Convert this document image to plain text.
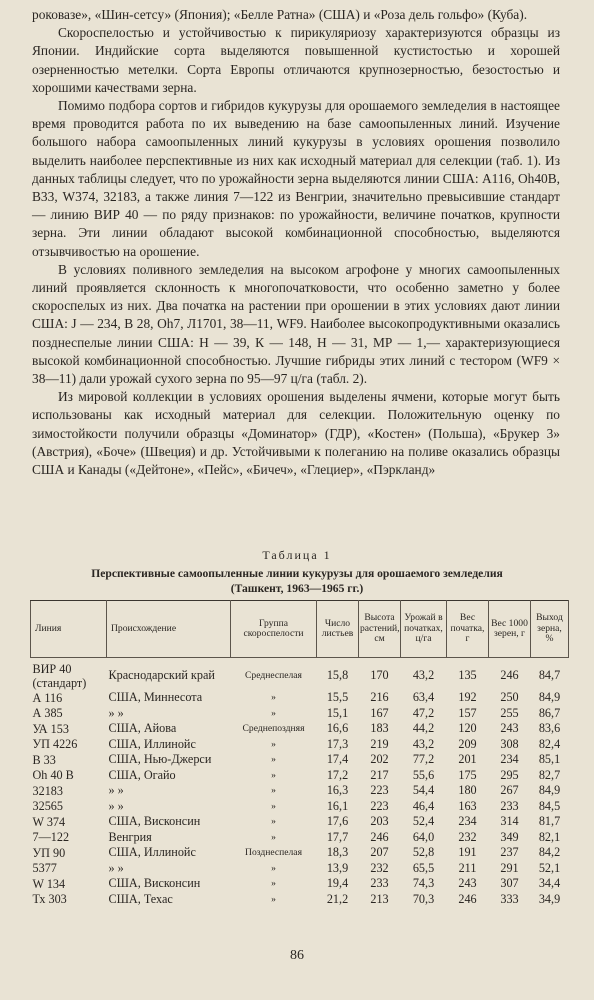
роковазе», «Шин-сетсу» (Япония); «Белле Ратна» (США) и «Роза дель гольфо» (Куба).

Скороспелостью и устойчивостью к пирикуляриозу характеризуются образцы из Японии. Индийские сорта выделяются повышенной кустистостью и хорошей озерненностью метелки. Сорта Европы отличаются крупнозерностью, безостостью и хорошими качествами зерна.

Помимо подбора сортов и гибридов кукурузы для орошаемого земледелия в настоящее время проводится работа по их выведению на базе самоопыленных линий. Изучение большого набора самоопыленных линий кукурузы в условиях орошения позволило выделить наиболее перспективные из них как исходный материал для селекции (таб. 1). Из данных таблицы следует, что по урожайности зерна выделяются линии США: А116, Oh40B, В33, W374, 32183, а также линия 7—122 из Венгрии, значительно превысившие стандарт — линию ВИР 40 — по ряду признаков: по урожайности, величине початков, крупности зерна. Эти линии обладают высокой комбинационной способностью, выделяются отзывчивостью на орошение.

В условиях поливного земледелия на высоком агрофоне у многих самоопыленных линий проявляется склонность к многопочатковости, что особенно заметно у более скороспелых из них. Два початка на растении при орошении в этих условиях дают линии США: J — 234, В 28, Oh7, Л1701, 38—11, WF9. Наиболее высокопродуктивными оказались позднеспелые линии США: Н — 39, К — 148, Н — 31, МР — 1,— характеризующиеся высокой комбинационной способностью. Лучшие гибриды этих линий с тестором (WF9 × 38—11) дали урожай сухого зерна по 95—97 ц/га (табл. 2).

Из мировой коллекции в условиях орошения выделены ячмени, которые могут быть использованы как исходный материал для селекции. Положительную оценку по зимостойкости получили образцы «Доминатор» (ГДР), «Костен» (Польша), «Брукер 3» (Австрия), «Боче» (Швеция) и др. Устойчивыми к полеганию на поливе оказались образцы США и Канады («Дейтоне», «Пейс», «Бичеч», «Глециер», «Пэркланд»

Таблица 1
Перспективные самоопыленные линии кукурузы для орошаемого земледелия
(Ташкент, 1963—1965 гг.)
Линия	Происхождение	Группа скороспелости	Число листьев	Высота растений, см	Урожай в початках, ц/га	Вес початка, г	Вес 1000 зерен, г	Выход зерна, %
ВИР 40 (стандарт)	Краснодарский край	Среднеспелая	15,8	170	43,2	135	246	84,7
А 116	США, Миннесота	»	15,5	216	63,4	192	250	84,9
А 385	» »	»	15,1	167	47,2	157	255	86,7
УА 153	США, Айова	Среднепоздняя	16,6	183	44,2	120	243	83,6
УП 4226	США, Иллинойс	»	17,3	219	43,2	209	308	82,4
В 33	США, Нью-Джерси	»	17,4	202	77,2	201	234	85,1
Oh 40 В	США, Огайо	»	17,2	217	55,6	175	295	82,7
32183	» »	»	16,3	223	54,4	180	267	84,9
32565	» »	»	16,1	223	46,4	163	233	84,5
W 374	США, Висконсин	»	17,6	203	52,4	234	314	81,7
7—122	Венгрия	»	17,7	246	64,0	232	349	82,1
УП 90	США, Иллинойс	Позднеспелая	18,3	207	52,8	191	237	84,2
5377	» »	»	13,9	232	65,5	211	291	52,1
W 134	США, Висконсин	»	19,4	233	74,3	243	307	34,4
Тх 303	США, Техас	»	21,2	213	70,3	246	333	34,9
86
